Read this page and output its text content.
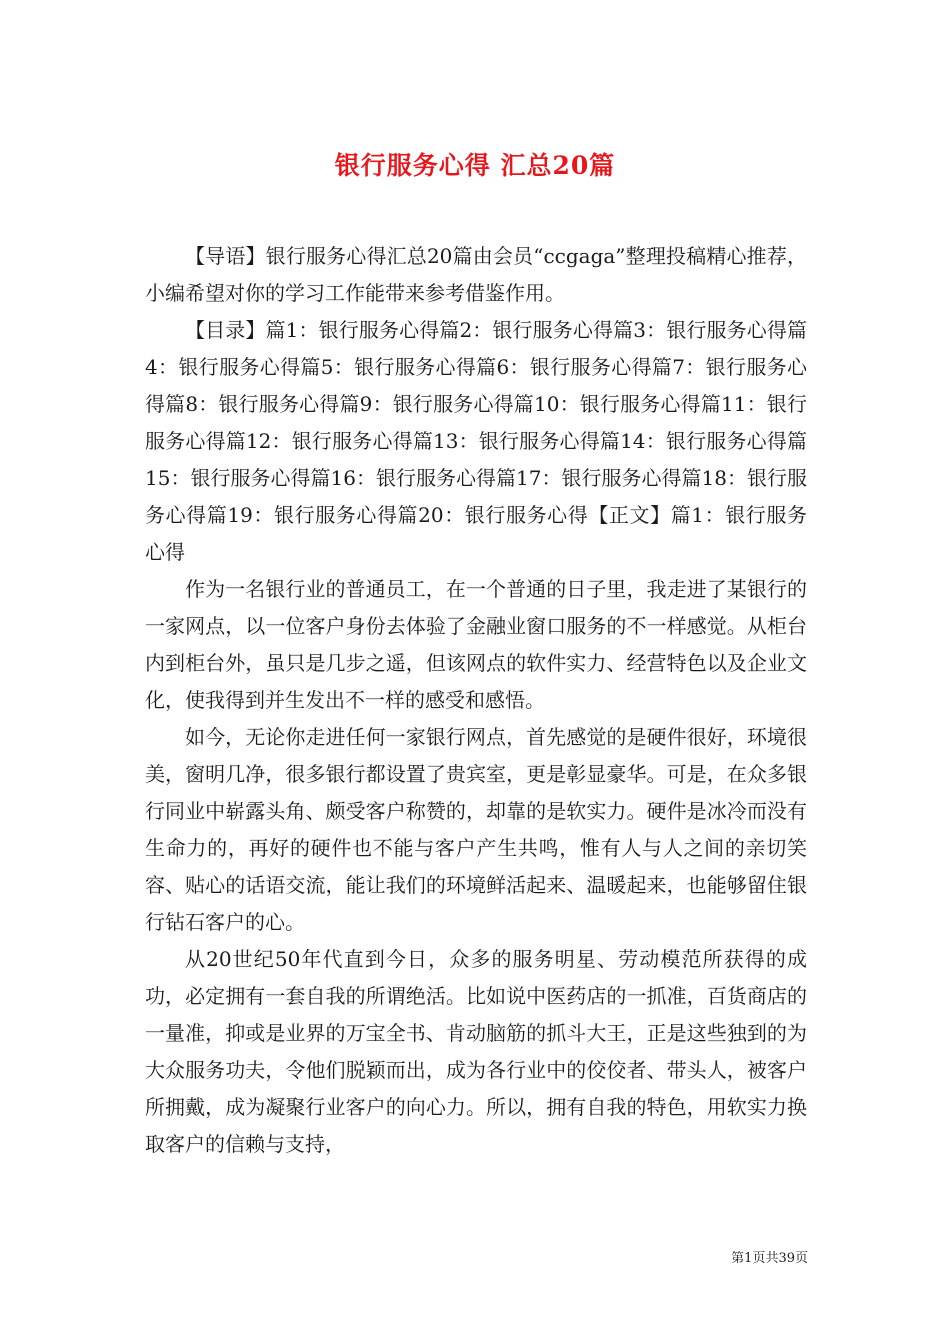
银行服务心得 汇总20篇

【导语】银行服务心得汇总20篇由会员“ccgaga”整理投稿精心推荐，小编希望对你的学习工作能带来参考借鉴作用。

【目录】篇1：银行服务心得篇2：银行服务心得篇3：银行服务心得篇4：银行服务心得篇5：银行服务心得篇6：银行服务心得篇7：银行服务心得篇8：银行服务心得篇9：银行服务心得篇10：银行服务心得篇11：银行服务心得篇12：银行服务心得篇13：银行服务心得篇14：银行服务心得篇15：银行服务心得篇16：银行服务心得篇17：银行服务心得篇18：银行服务心得篇19：银行服务心得篇20：银行服务心得【正文】篇1：银行服务心得

作为一名银行业的普通员工，在一个普通的日子里，我走进了某银行的一家网点，以一位客户身份去体验了金融业窗口服务的不一样感觉。从柜台内到柜台外，虽只是几步之遥，但该网点的软件实力、经营特色以及企业文化，使我得到并生发出不一样的感受和感悟。

如今，无论你走进任何一家银行网点，首先感觉的是硬件很好，环境很美，窗明几净，很多银行都设置了贵宾室，更是彰显豪华。可是，在众多银行同业中崭露头角、颇受客户称赞的，却靠的是软实力。硬件是冰冷而没有生命力的，再好的硬件也不能与客户产生共鸣，惟有人与人之间的亲切笑容、贴心的话语交流，能让我们的环境鲜活起来、温暖起来，也能够留住银行钻石客户的心。

从20世纪50年代直到今日，众多的服务明星、劳动模范所获得的成功，必定拥有一套自我的所谓绝活。比如说中医药店的一抓准，百货商店的一量准，抑或是业界的万宝全书、肯动脑筋的抓斗大王，正是这些独到的为大众服务功夫，令他们脱颖而出，成为各行业中的佼佼者、带头人，被客户所拥戴，成为凝聚行业客户的向心力。所以，拥有自我的特色，用软实力换取客户的信赖与支持，

第1页共39页
